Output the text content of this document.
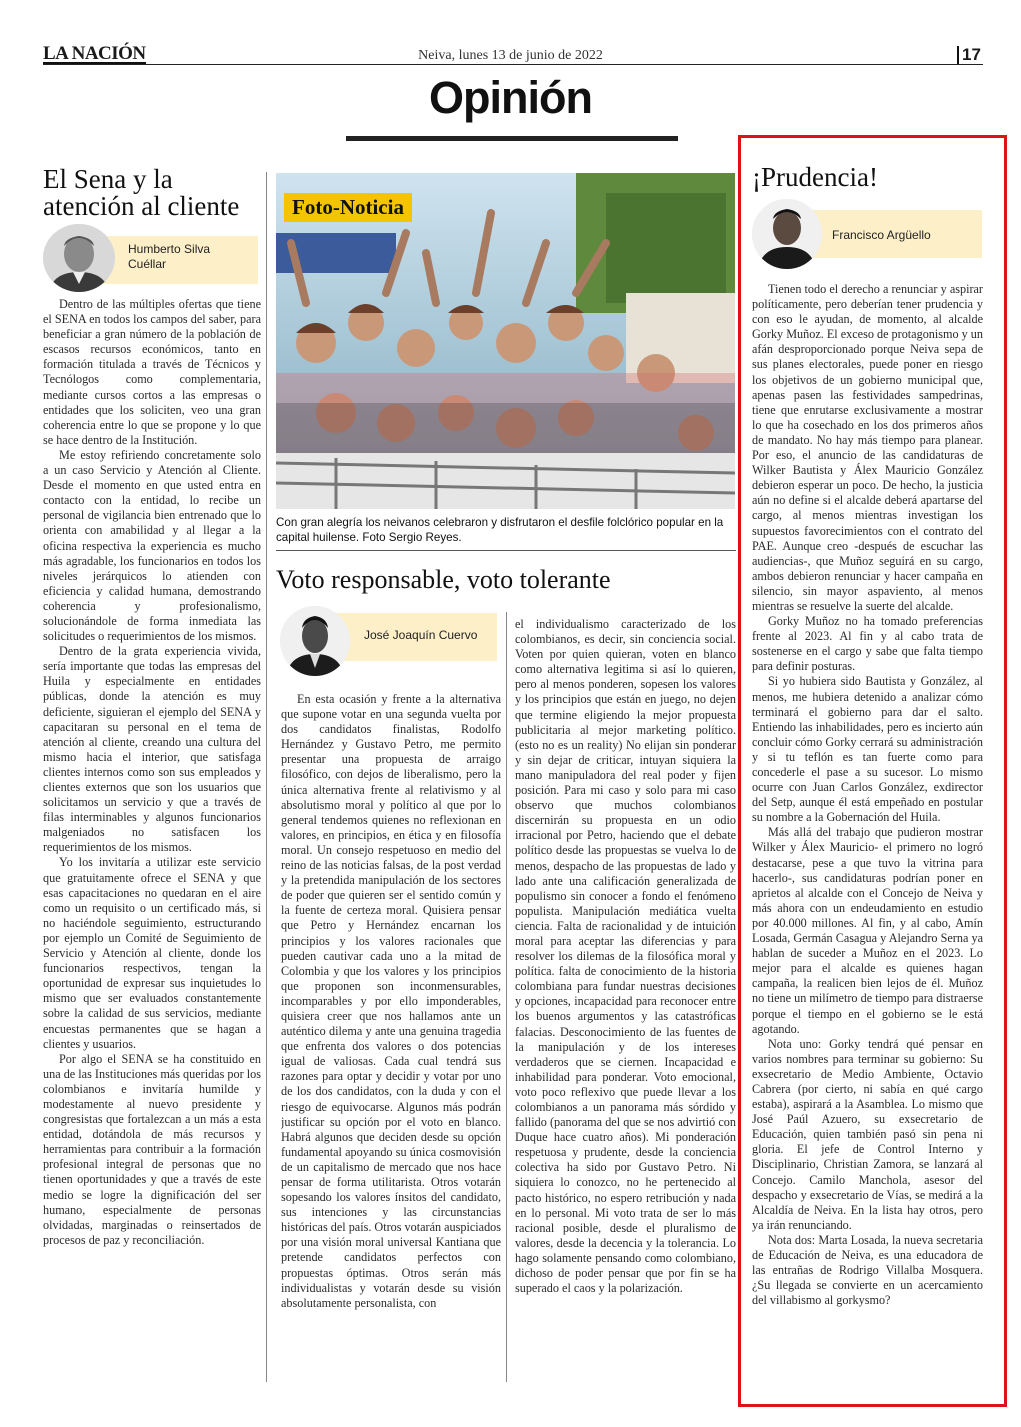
LA NACIÓN	Neiva, lunes 13 de junio de 2022	17
Opinión
El Sena y la atención al cliente
Humberto Silva Cuéllar

Dentro de las múltiples ofertas que tiene el SENA en todos los campos del saber, para beneficiar a gran número de la población de escasos recursos económicos, tanto en formación titulada a través de Técnicos y Tecnólogos como complementaria, mediante cursos cortos a las empresas o entidades que los soliciten, veo una gran coherencia entre lo que se propone y lo que se hace dentro de la Institución.

Me estoy refiriendo concretamente solo a un caso Servicio y Atención al Cliente. Desde el momento en que usted entra en contacto con la entidad, lo recibe un personal de vigilancia bien entrenado que lo orienta con amabilidad y al llegar a la oficina respectiva la experiencia es mucho más agradable, los funcionarios en todos los niveles jerárquicos lo atienden con eficiencia y calidad humana, demostrando coherencia y profesionalismo, solucionándole de forma inmediata las solicitudes o requerimientos de los mismos.

Dentro de la grata experiencia vivida, sería importante que todas las empresas del Huila y especialmente en entidades públicas, donde la atención es muy deficiente, siguieran el ejemplo del SENA y capacitaran su personal en el tema de atención al cliente, creando una cultura del mismo hacia el interior, que satisfaga clientes internos como son sus empleados y clientes externos que son los usuarios que solicitamos un servicio y que a través de filas interminables y algunos funcionarios malgeniados no satisfacen los requerimientos de los mismos.

Yo los invitaría a utilizar este servicio que gratuitamente ofrece el SENA y que esas capacitaciones no quedaran en el aire como un requisito o un certificado más, si no haciéndole seguimiento, estructurando por ejemplo un Comité de Seguimiento de Servicio y Atención al cliente, donde los funcionarios respectivos, tengan la oportunidad de expresar sus inquietudes lo mismo que ser evaluados constantemente sobre la calidad de sus servicios, mediante encuestas permanentes que se hagan a clientes y usuarios.

Por algo el SENA se ha constituido en una de las Instituciones más queridas por los colombianos e invitaría humilde y modestamente al nuevo presidente y congresistas que fortalezcan a un más a esta entidad, dotándola de más recursos y herramientas para contribuir a la formación profesional integral de personas que no tienen oportunidades y que a través de este medio se logre la dignificación del ser humano, especialmente de personas olvidadas, marginadas o reinsertados de procesos de paz y reconciliación.

Foto-Noticia
Con gran alegría los neivanos celebraron y disfrutaron el desfile folclórico popular en la capital huilense. Foto Sergio Reyes.
Voto responsable, voto tolerante
José Joaquín Cuervo

En esta ocasión y frente a la alternativa que supone votar en una segunda vuelta por dos candidatos finalistas, Rodolfo Hernández y Gustavo Petro, me permito presentar una propuesta de arraigo filosófico, con dejos de liberalismo, pero la única alternativa frente al relativismo y al absolutismo moral y político al que por lo general tendemos quienes no reflexionan en valores, en principios, en ética y en filosofía moral. Un consejo respetuoso en medio del reino de las noticias falsas, de la post verdad y la pretendida manipulación de los sectores de poder que quieren ser el sentido común y la fuente de certeza moral. Quisiera pensar que Petro y Hernández encarnan los principios y los valores racionales que pueden cautivar cada uno a la mitad de Colombia y que los valores y los principios que proponen son inconmensurables, incomparables y por ello imponderables, quisiera creer que nos hallamos ante un auténtico dilema y ante una genuina tragedia que enfrenta dos valores o dos potencias igual de valiosas. Cada cual tendrá sus razones para optar y decidir y votar por uno de los dos candidatos, con la duda y con el riesgo de equivocarse. Algunos más podrán justificar su opción por el voto en blanco. Habrá algunos que deciden desde su opción fundamental apoyando su única cosmovisión de un capitalismo de mercado que nos hace pensar de forma utilitarista. Otros votarán sopesando los valores ínsitos del candidato, sus intenciones y las circunstancias históricas del país. Otros votarán auspiciados por una visión moral universal Kantiana que pretende candidatos perfectos con propuestas óptimas. Otros serán más individualistas y votarán desde su visión absolutamente personalista, con

el individualismo caracterizado de los colombianos, es decir, sin conciencia social. Voten por quien quieran, voten en blanco como alternativa legitima si así lo quieren, pero al menos ponderen, sopesen los valores y los principios que están en juego, no dejen que termine eligiendo la mejor propuesta publicitaria al mejor marketing político. (esto no es un reality) No elijan sin ponderar y sin dejar de criticar, intuyan siquiera la mano manipuladora del real poder y fijen posición. Para mi caso y solo para mi caso observo que muchos colombianos discernirán su propuesta en un odio irracional por Petro, haciendo que el debate político desde las propuestas se vuelva lo de menos, despacho de las propuestas de lado y lado ante una calificación generalizada de populismo sin conocer a fondo el fenómeno populista. Manipulación mediática vuelta ciencia. Falta de racionalidad y de intuición moral para aceptar las diferencias y para resolver los dilemas de la filosófica moral y política. falta de conocimiento de la historia colombiana para fundar nuestras decisiones y opciones, incapacidad para reconocer entre los buenos argumentos y las catastróficas falacias. Desconocimiento de las fuentes de la manipulación y de los intereses verdaderos que se ciernen. Incapacidad e inhabilidad para ponderar. Voto emocional, voto poco reflexivo que puede llevar a los colombianos a un panorama más sórdido y fallido (panorama del que se nos advirtió con Duque hace cuatro años). Mi ponderación respetuosa y prudente, desde la conciencia colectiva ha sido por Gustavo Petro. Ni siquiera lo conozco, no he pertenecido al pacto histórico, no espero retribución y nada en lo personal. Mi voto trata de ser lo más racional posible, desde el pluralismo de valores, desde la decencia y la tolerancia. Lo hago solamente pensando como colombiano, dichoso de poder pensar que por fin se ha superado el caos y la polarización.

¡Prudencia!
Francisco Argüello

Tienen todo el derecho a renunciar y aspirar políticamente, pero deberían tener prudencia y con eso le ayudan, de momento, al alcalde Gorky Muñoz. El exceso de protagonismo y un afán desproporcionado porque Neiva sepa de sus planes electorales, puede poner en riesgo los objetivos de un gobierno municipal que, apenas pasen las festividades sampedrinas, tiene que enrutarse exclusivamente a mostrar lo que ha cosechado en los dos primeros años de mandato. No hay más tiempo para planear. Por eso, el anuncio de las candidaturas de Wilker Bautista y Álex Mauricio González debieron esperar un poco. De hecho, la justicia aún no define si el alcalde deberá apartarse del cargo, al menos mientras investigan los supuestos favorecimientos con el contrato del PAE. Aunque creo -después de escuchar las audiencias-, que Muñoz seguirá en su cargo, ambos debieron renunciar y hacer campaña en silencio, sin mayor aspaviento, al menos mientras se resuelve la suerte del alcalde.

Gorky Muñoz no ha tomado preferencias frente al 2023. Al fin y al cabo trata de sostenerse en el cargo y sabe que falta tiempo para definir posturas.

Si yo hubiera sido Bautista y González, al menos, me hubiera detenido a analizar cómo terminará el gobierno para dar el salto. Entiendo las inhabilidades, pero es incierto aún concluir cómo Gorky cerrará su administración y si tu teflón es tan fuerte como para concederle el pase a su sucesor. Lo mismo ocurre con Juan Carlos González, exdirector del Setp, aunque él está empeñado en postular su nombre a la Gobernación del Huila.

Más allá del trabajo que pudieron mostrar Wilker y Álex Mauricio- el primero no logró destacarse, pese a que tuvo la vitrina para hacerlo-, sus candidaturas podrían poner en aprietos al alcalde con el Concejo de Neiva y más ahora con un endeudamiento en estudio por 40.000 millones. Al fin, y al cabo, Amín Losada, Germán Casagua y Alejandro Serna ya hablan de suceder a Muñoz en el 2023. Lo mejor para el alcalde es quienes hagan campaña, la realicen bien lejos de él. Muñoz no tiene un milímetro de tiempo para distraerse porque el tiempo en el gobierno se le está agotando.

Nota uno: Gorky tendrá qué pensar en varios nombres para terminar su gobierno: Su exsecretario de Medio Ambiente, Octavio Cabrera (por cierto, ni sabía en qué cargo estaba), aspirará a la Asamblea. Lo mismo que José Paúl Azuero, su exsecretario de Educación, quien también pasó sin pena ni gloria. El jefe de Control Interno y Disciplinario, Christian Zamora, se lanzará al Concejo. Camilo Manchola, asesor del despacho y exsecretario de Vías, se medirá a la Alcaldía de Neiva. En la lista hay otros, pero ya irán renunciando.

Nota dos: Marta Losada, la nueva secretaria de Educación de Neiva, es una educadora de las entrañas de Rodrigo Villalba Mosquera. ¿Su llegada se convierte en un acercamiento del villabismo al gorkysmo?
